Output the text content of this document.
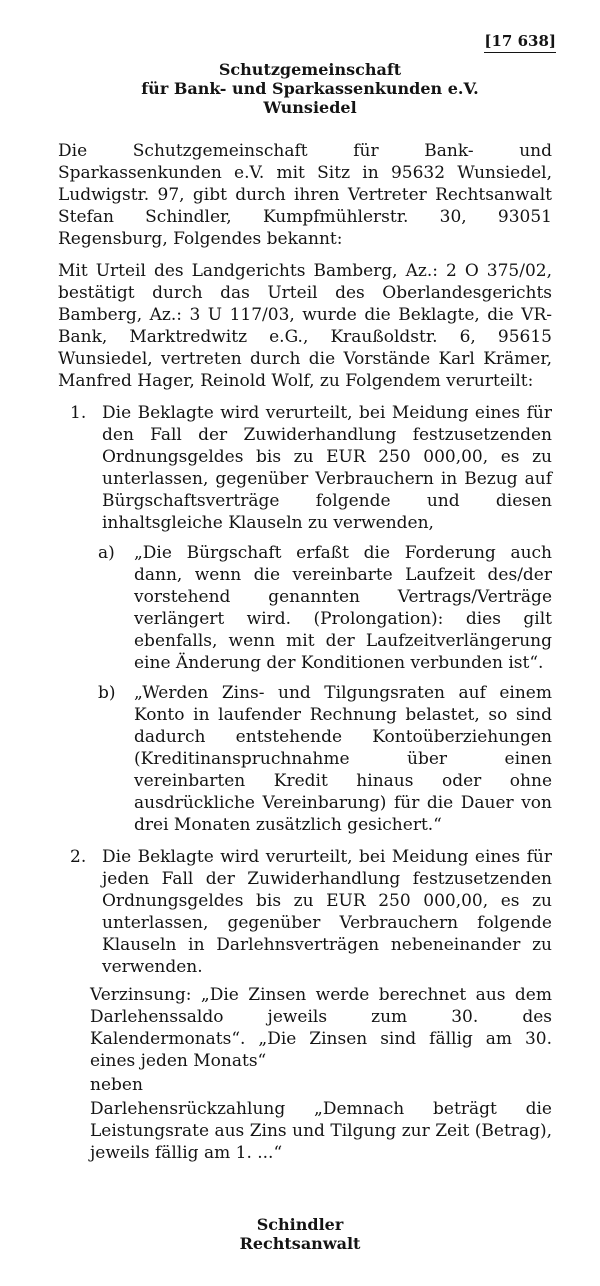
[ 17 638 ]
Schutzgemeinschaft
für Bank- und Sparkassenkunden e.V.
Wunsiedel

Die Schutzgemeinschaft für Bank- und Sparkassenkunden e.V. mit Sitz in 95632 Wunsiedel, Ludwigstr. 97, gibt durch ihren Vertreter Rechtsanwalt Stefan Schindler, Kumpfmühlerstr. 30, 93051 Regensburg, Folgendes bekannt:

Mit Urteil des Landgerichts Bamberg, Az.: 2 O 375/02, bestätigt durch das Urteil des Oberlandesgerichts Bamberg, Az.: 3 U 117/03, wurde die Beklagte, die VR-Bank, Marktredwitz e.G., Kraußoldstr. 6, 95615 Wunsiedel, vertreten durch die Vorstände Karl Krämer, Manfred Hager, Reinold Wolf, zu Folgendem verurteilt:

1. Die Beklagte wird verurteilt, bei Meidung eines für den Fall der Zuwiderhandlung festzusetzenden Ordnungsgeldes bis zu EUR 250 000,00, es zu unterlassen, gegenüber Verbrauchern in Bezug auf Bürgschaftsverträge folgende und diesen inhaltsgleiche Klauseln zu verwenden,
a)	„Die Bürgschaft erfaßt die Forderung auch dann, wenn die vereinbarte Laufzeit des/der vorstehend genannten Vertrags/Verträge verlängert wird. (Prolongation): dies gilt ebenfalls, wenn mit der Laufzeitverlängerung eine Änderung der Konditionen verbunden ist“.
b)	„Werden Zins- und Tilgungsraten auf einem Konto in laufender Rechnung belastet, so sind dadurch entstehende Kontoüberziehungen (Kreditinanspruchnahme über einen vereinbarten Kredit hinaus oder ohne ausdrückliche Vereinbarung) für die Dauer von drei Monaten zusätzlich gesichert.“
2. Die Beklagte wird verurteilt, bei Meidung eines für jeden Fall der Zuwiderhandlung festzusetzenden Ordnungsgeldes bis zu EUR 250 000,00, es zu unterlassen, gegenüber Verbrauchern folgende Klauseln in Darlehnsverträgen nebeneinander zu verwenden.

Verzinsung: „Die Zinsen werde berechnet aus dem Darlehenssaldo jeweils zum 30. des Kalendermonats“. „Die Zinsen sind fällig am 30. eines jeden Monats“

neben

Darlehensrückzahlung „Demnach beträgt die Leistungsrate aus Zins und Tilgung zur Zeit (Betrag), jeweils fällig am 1. ...“

Schindler
Rechtsanwalt
